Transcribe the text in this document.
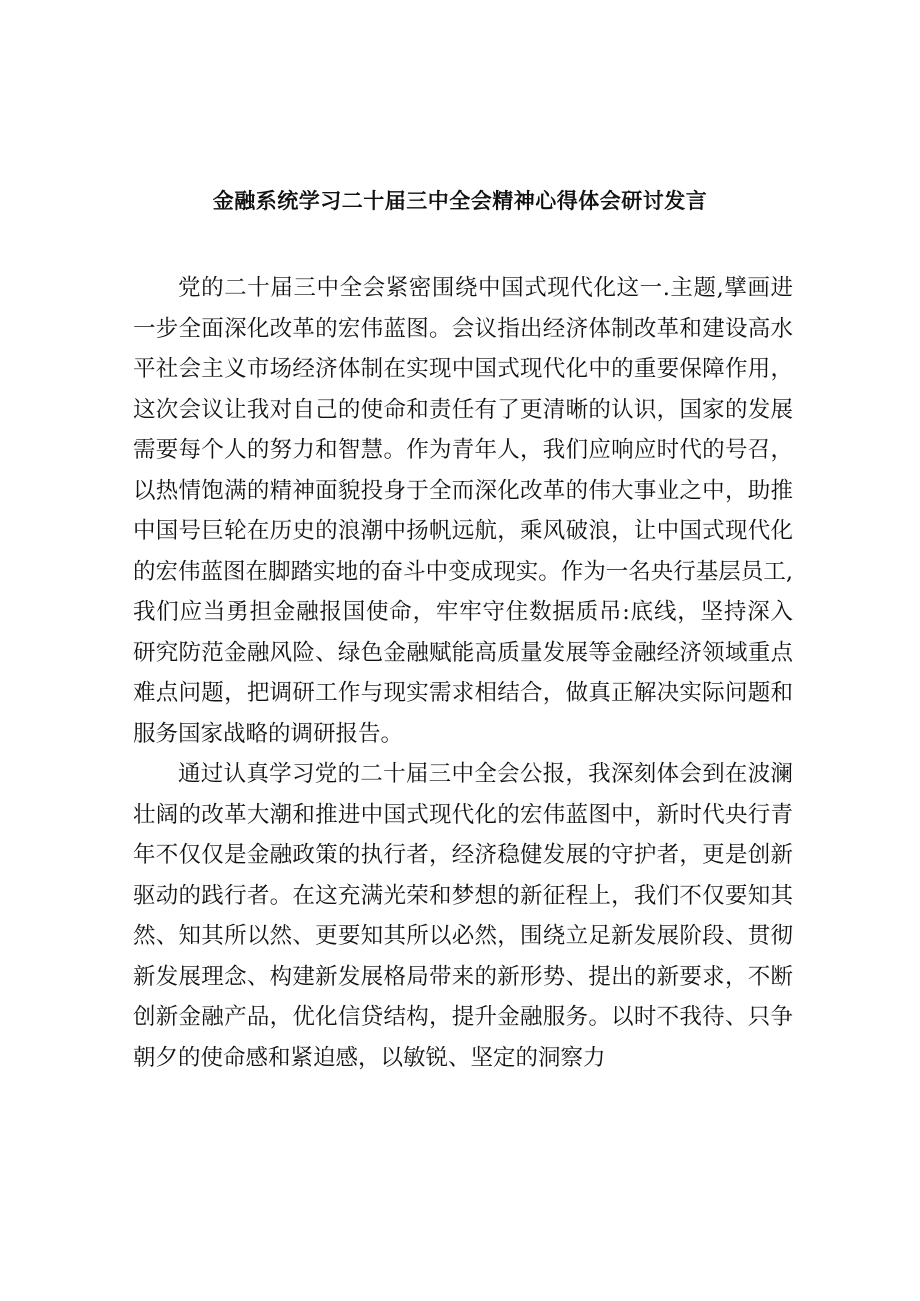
金融系统学习二十届三中全会精神心得体会研讨发言

党的二十届三中全会紧密围绕中国式现代化这一.主题,擘画进一步全面深化改革的宏伟蓝图。会议指出经济体制改革和建设高水平社会主义市场经济体制在实现中国式现代化中的重要保障作用，这次会议让我对自己的使命和责任有了更清晰的认识，国家的发展需要每个人的努力和智慧。作为青年人，我们应响应时代的号召，以热情饱满的精神面貌投身于全而深化改革的伟大事业之中，助推中国号巨轮在历史的浪潮中扬帆远航，乘风破浪，让中国式现代化的宏伟蓝图在脚踏实地的奋斗中变成现实。作为一名央行基层员工,我们应当勇担金融报国使命，牢牢守住数据质吊:底线，坚持深入研究防范金融风险、绿色金融赋能高质量发展等金融经济领域重点难点问题，把调研工作与现实需求相结合，做真正解决实际问题和服务国家战略的调研报告。

通过认真学习党的二十届三中全会公报，我深刻体会到在波澜壮阔的改革大潮和推进中国式现代化的宏伟蓝图中，新时代央行青年不仅仅是金融政策的执行者，经济稳健发展的守护者，更是创新驱动的践行者。在这充满光荣和梦想的新征程上，我们不仅要知其然、知其所以然、更要知其所以必然，围绕立足新发展阶段、贯彻新发展理念、构建新发展格局带来的新形势、提出的新要求，不断创新金融产品，优化信贷结构，提升金融服务。以时不我待、只争朝夕的使命感和紧迫感，以敏锐、坚定的洞察力
